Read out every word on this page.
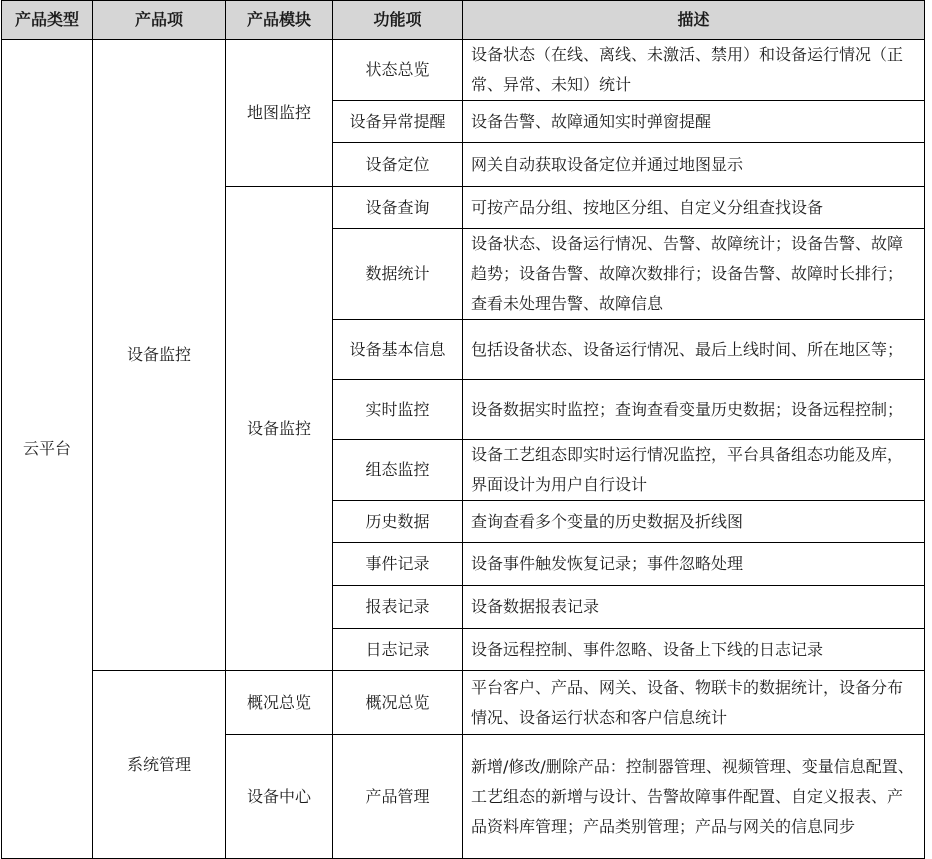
产品类型	产品项	产品模块	功能项	描述
云平台	设备监控	地图监控	状态总览	设备状态（在线、离线、未激活、禁用）和设备运行情况（正常、异常、未知）统计
			设备异常提醒	设备告警、故障通知实时弹窗提醒
			设备定位	网关自动获取设备定位并通过地图显示
		设备监控	设备查询	可按产品分组、按地区分组、自定义分组查找设备
			数据统计	设备状态、设备运行情况、告警、故障统计；设备告警、故障趋势；设备告警、故障次数排行；设备告警、故障时长排行；查看未处理告警、故障信息
			设备基本信息	包括设备状态、设备运行情况、最后上线时间、所在地区等；
			实时监控	设备数据实时监控；查询查看变量历史数据；设备远程控制；
			组态监控	设备工艺组态即实时运行情况监控，平台具备组态功能及库，界面设计为用户自行设计
			历史数据	查询查看多个变量的历史数据及折线图
			事件记录	设备事件触发恢复记录；事件忽略处理
			报表记录	设备数据报表记录
			日志记录	设备远程控制、事件忽略、设备上下线的日志记录
	系统管理	概况总览	概况总览	平台客户、产品、网关、设备、物联卡的数据统计，设备分布情况、设备运行状态和客户信息统计
		设备中心	产品管理	新增/修改/删除产品：控制器管理、视频管理、变量信息配置、工艺组态的新增与设计、告警故障事件配置、自定义报表、产品资料库管理；产品类别管理；产品与网关的信息同步
